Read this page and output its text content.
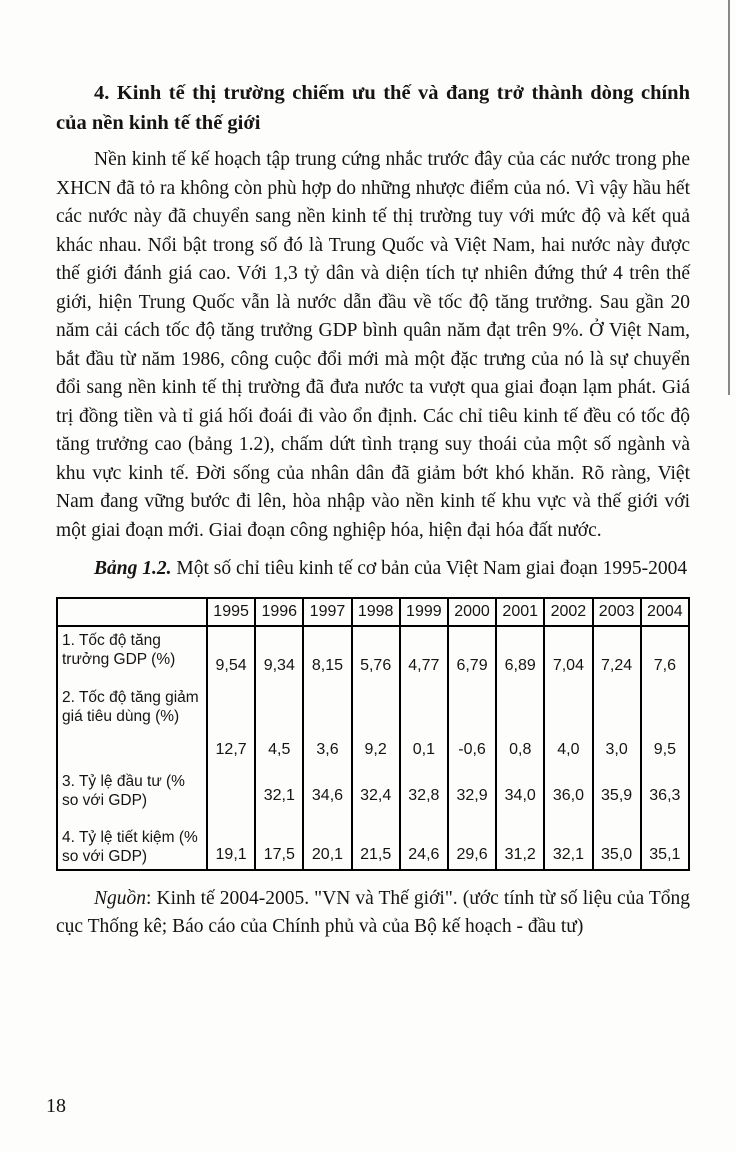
4. Kinh tế thị trường chiếm ưu thế và đang trở thành dòng chính của nền kinh tế thế giới

Nền kinh tế kế hoạch tập trung cứng nhắc trước đây của các nước trong phe XHCN đã tỏ ra không còn phù hợp do những nhược điểm của nó. Vì vậy hầu hết các nước này đã chuyển sang nền kinh tế thị trường tuy với mức độ và kết quả khác nhau. Nổi bật trong số đó là Trung Quốc và Việt Nam, hai nước này được thế giới đánh giá cao. Với 1,3 tỷ dân và diện tích tự nhiên đứng thứ 4 trên thế giới, hiện Trung Quốc vẫn là nước dẫn đầu về tốc độ tăng trưởng. Sau gần 20 năm cải cách tốc độ tăng trưởng GDP bình quân năm đạt trên 9%. Ở Việt Nam, bắt đầu từ năm 1986, công cuộc đổi mới mà một đặc trưng của nó là sự chuyển đổi sang nền kinh tế thị trường đã đưa nước ta vượt qua giai đoạn lạm phát. Giá trị đồng tiền và tỉ giá hối đoái đi vào ổn định. Các chỉ tiêu kinh tế đều có tốc độ tăng trưởng cao (bảng 1.2), chấm dứt tình trạng suy thoái của một số ngành và khu vực kinh tế. Đời sống của nhân dân đã giảm bớt khó khăn. Rõ ràng, Việt Nam đang vững bước đi lên, hòa nhập vào nền kinh tế khu vực và thế giới với một giai đoạn mới. Giai đoạn công nghiệp hóa, hiện đại hóa đất nước.

Bảng 1.2. Một số chỉ tiêu kinh tế cơ bản của Việt Nam giai đoạn 1995-2004

	1995	1996	1997	1998	1999	2000	2001	2002	2003	2004
1. Tốc độ tăng trưởng GDP (%)	9,54	9,34	8,15	5,76	4,77	6,79	6,89	7,04	7,24	7,6
2. Tốc độ tăng giảm giá tiêu dùng (%)	12,7	4,5	3,6	9,2	0,1	-0,6	0,8	4,0	3,0	9,5
3. Tỷ lệ đầu tư (% so với GDP)		32,1	34,6	32,4	32,8	32,9	34,0	36,0	35,9	36,3
4. Tỷ lệ tiết kiệm (% so với GDP)	19,1	17,5	20,1	21,5	24,6	29,6	31,2	32,1	35,0	35,1

Nguồn: Kinh tế 2004-2005. "VN và Thế giới". (ước tính từ số liệu của Tổng cục Thống kê; Báo cáo của Chính phủ và của Bộ kế hoạch - đầu tư)

18
